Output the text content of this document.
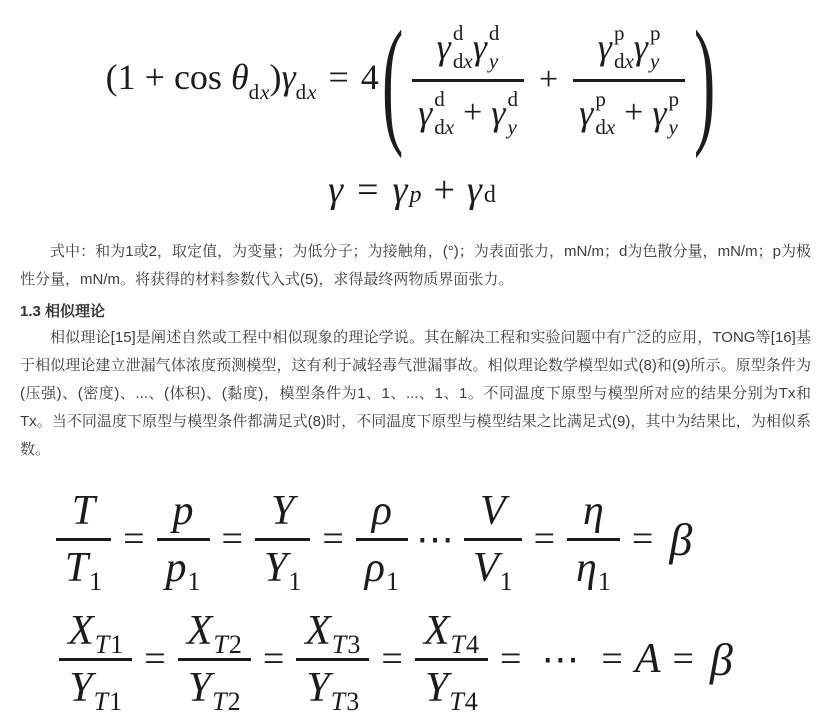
$(1 + \cos \theta_{dx})\gamma_{dx} = 4$ ( γ d
dx γ d
y
γ d
dx + γ d
y + γ p
dx γ p
y
γ p
dx + γ p
y )
γ = γ p + γ d

式中：和为1或2，取定值，为变量；为低分子；为接触角，(°)；为表面张力，mN/m；d为色散分量，mN/m；p为极性分量，mN/m。将获得的材料参数代入式(5)，求得最终两物质界面张力。

1.3 相似理论

相似理论[15]是阐述自然或工程中相似现象的理论学说。其在解决工程和实验问题中有广泛的应用，TONG等[16]基于相似理论建立泄漏气体浓度预测模型，这有利于减轻毒气泄漏事故。相似理论数学模型如式(8)和(9)所示。原型条件为(压强)、(密度)、...、(体积)、(黏度)，模型条件为1、1、...、1、1。不同温度下原型与模型所对应的结果分别为Tx和Tx。当不同温度下原型与模型条件都满足式(8)时，不同温度下原型与模型结果之比满足式(9)，其中为结果比，为相似系数。

T
T 1
=
p
p 1
=
Y
Y 1
=
ρ
ρ 1
⋯
V
V 1
=
η
η 1
= β
X T1
Y T1
=
X T2
Y T2
=
X T3
Y T3
=
X T4
Y T4
= ⋯ = A = β
